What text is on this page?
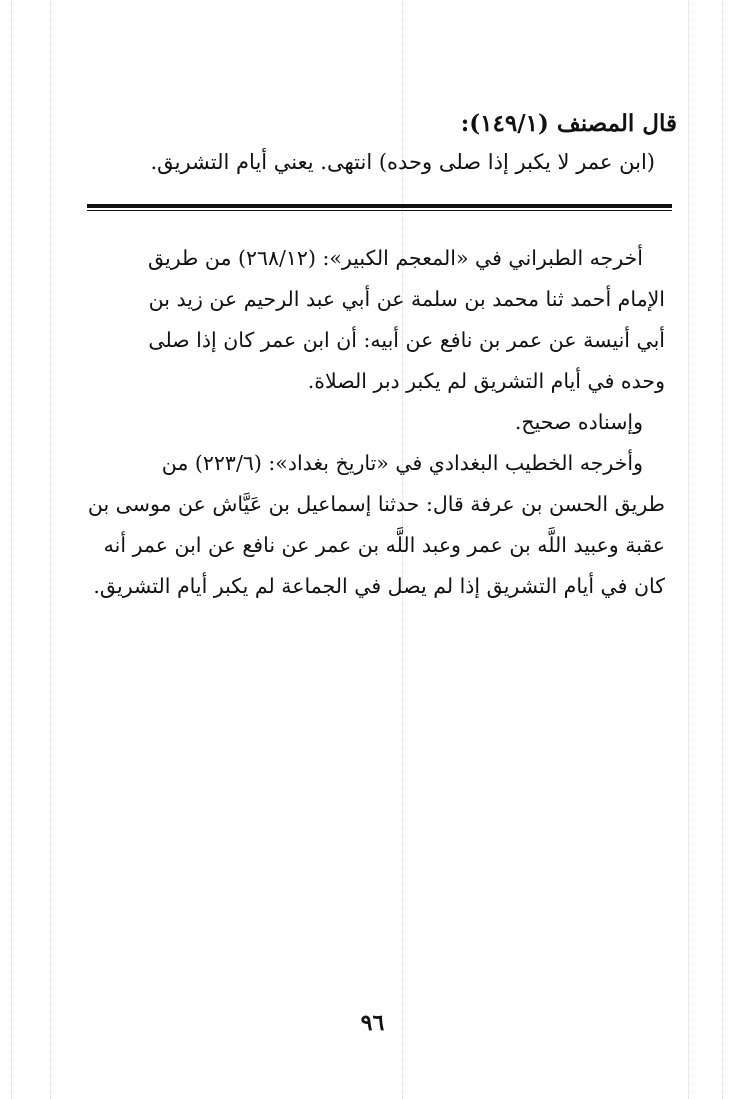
قال المصنف (١٤٩/١):
(ابن عمر لا يكبر إذا صلى وحده) انتهى. يعني أيام التشريق.
أخرجه الطبراني في «المعجم الكبير»: (٢٦٨/١٢) من طريق
الإمام أحمد ثنا محمد بن سلمة عن أبي عبد الرحيم عن زيد بن
أبي أنيسة عن عمر بن نافع عن أبيه: أن ابن عمر كان إذا صلى
وحده في أيام التشريق لم يكبر دبر الصلاة.
وإسناده صحيح.
وأخرجه الخطيب البغدادي في «تاريخ بغداد»: (٢٢٣/٦) من
طريق الحسن بن عرفة قال: حدثنا إسماعيل بن عَيَّاش عن موسى بن
عقبة وعبيد اللَّه بن عمر وعبد اللَّه بن عمر عن نافع عن ابن عمر أنه
كان في أيام التشريق إذا لم يصل في الجماعة لم يكبر أيام التشريق.
٩٦
